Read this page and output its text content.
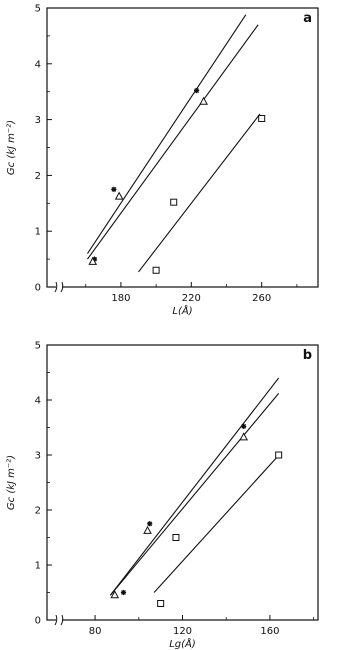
0
1
2
3
4
5
180	220	260
a
L(Å)
Gc (kJ m⁻²)
0
1
2
3
4
5
80	120	160
b
Lg(Å)
Gc (kJ m⁻²)
